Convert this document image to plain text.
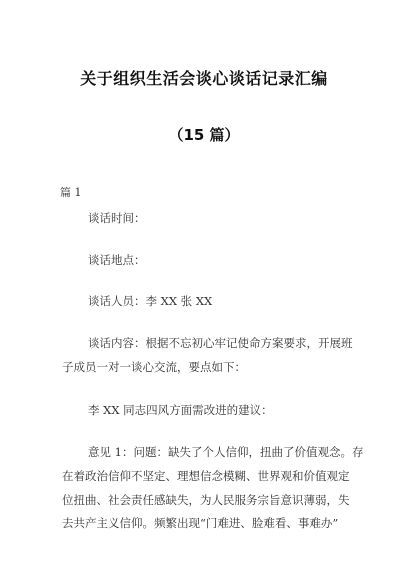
关于组织生活会谈心谈话记录汇编
（15 篇）
篇 1
谈话时间：
谈话地点：
谈话人员：李 XX 张 XX
谈话内容：根据不忘初心牢记使命方案要求，开展班
子成员一对一谈心交流，要点如下：
李 XX 同志四风方面需改进的建议：
意见 1：问题：缺失了个人信仰，扭曲了价值观念。存
在着政治信仰不坚定、理想信念模糊、世界观和价值观定
位扭曲、社会责任感缺失，为人民服务宗旨意识薄弱，失
去共产主义信仰。频繁出现“门难进、脸难看、事难办”
